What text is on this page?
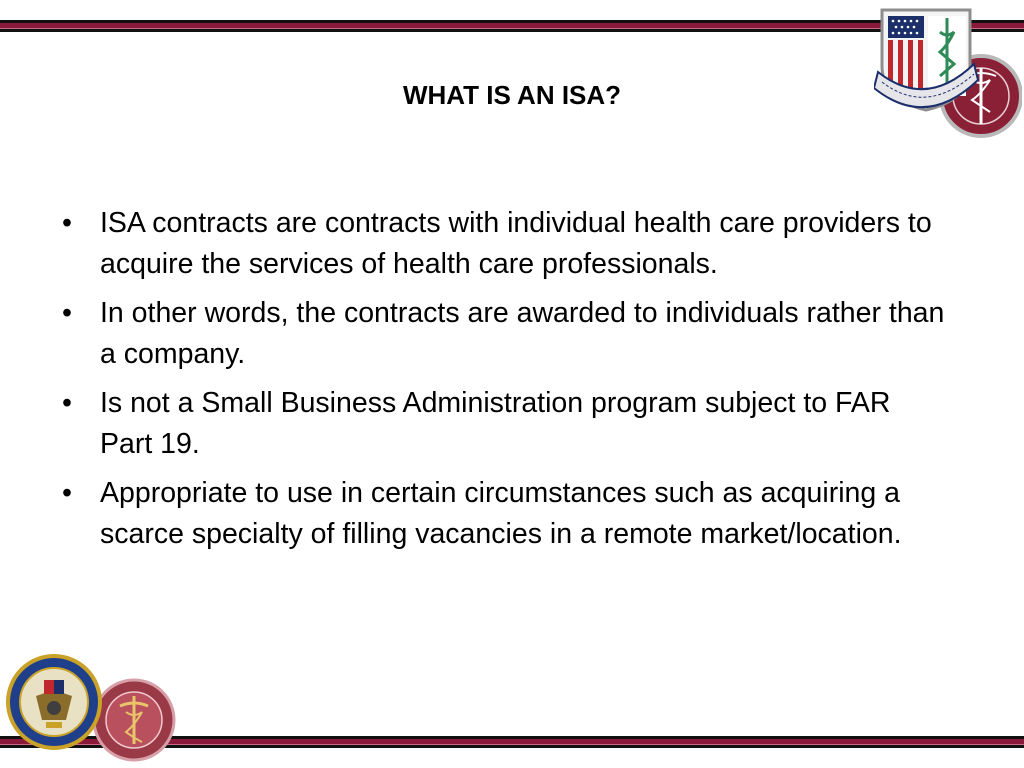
WHAT IS AN ISA?
• ISA contracts are contracts with individual health care providers to acquire the services of health care professionals.
• In other words, the contracts are awarded to individuals rather than a company.
• Is not a Small Business Administration program subject to FAR Part 19.
• Appropriate to use in certain circumstances such as acquiring a scarce specialty of filling vacancies in a remote market/location.
